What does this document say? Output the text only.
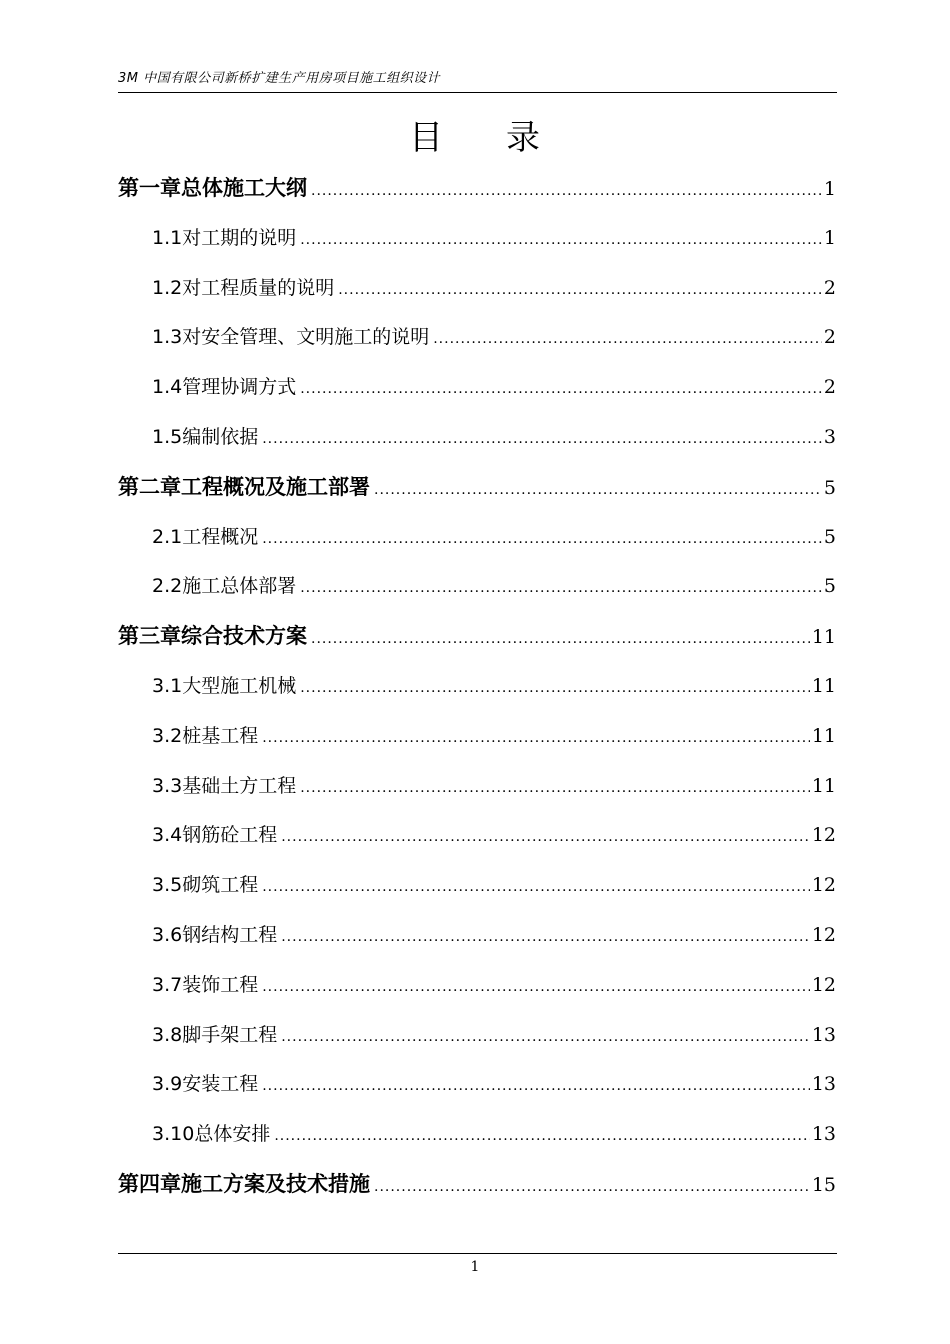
3M 中国有限公司新桥扩建生产用房项目施工组织设计
目 录
第一章 总体施工大纲 .....	1
1.1 对工期的说明 .....	1
1.2 对工程质量的说明 .....	2
1.3 对安全管理、文明施工的说明 .....	2
1.4 管理协调方式 .....	2
1.5 编制依据 .....	3
第二章 工程概况及施工部署 .....	5
2.1 工程概况 .....	5
2.2 施工总体部署 .....	5
第三章 综合技术方案 .....	11
3.1 大型施工机械 .....	11
3.2 桩基工程 .....	11
3.3 基础土方工程 .....	11
3.4 钢筋砼工程 .....	12
3.5 砌筑工程 .....	12
3.6 钢结构工程 .....	12
3.7 装饰工程 .....	12
3.8 脚手架工程 .....	13
3.9 安装工程 .....	13
3.10 总体安排 .....	13
第四章 施工方案及技术措施 .....	15
1
